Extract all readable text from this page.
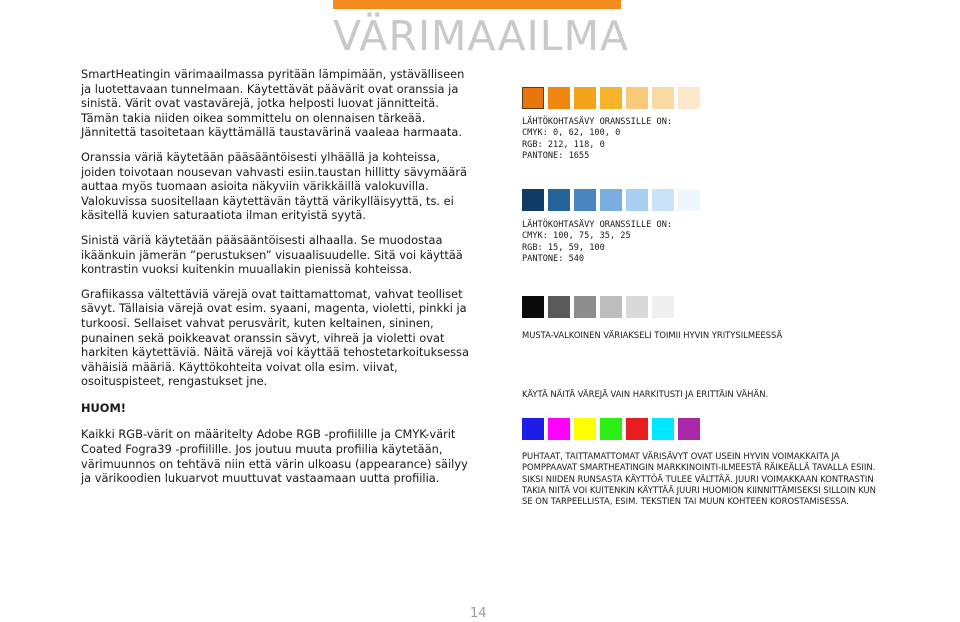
VÄRIMAAILMA

SmartHeatingin värimaailmassa pyritään lämpimään, ystävälliseen ja luotettavaan tunnelmaan. Käytettävät päävärit ovat oranssia ja sinistä. Värit ovat vastavärejä, jotka helposti luovat jännitteitä. Tämän takia niiden oikea sommittelu on olennaisen tärkeää. Jännitettä tasoitetaan käyttämällä taustavärinä vaaleaa harmaata.

Oranssia väriä käytetään pääsääntöisesti ylhäällä ja kohteissa, joiden toivotaan nousevan vahvasti esiin.taustan hillitty sävymäärä auttaa myös tuomaan asioita näkyviin värikkäillä valokuvilla. Valokuvissa suositellaan käytettävän täyttä värikylläisyyttä, ts. ei käsitellä kuvien saturaatiota ilman erityistä syytä.

Sinistä väriä käytetään pääsääntöisesti alhaalla. Se muodostaa ikäänkuin jämerän ”perustuksen” visuaalisuudelle. Sitä voi käyttää kontrastin vuoksi kuitenkin muuallakin pienissä kohteissa.

Grafiikassa vältettäviä värejä ovat taittamattomat, vahvat teolliset sävyt. Tällaisia värejä ovat esim. syaani, magenta, violetti, pinkki ja turkoosi. Sellaiset vahvat perusvärit, kuten keltainen, sininen, punainen sekä poikkeavat oranssin sävyt, vihreä ja violetti ovat harkiten käytettäviä. Näitä värejä voi käyttää tehostetarkoituksessa vähäisiä määriä. Käyttökohteita voivat olla esim. viivat, osoituspisteet, rengastukset jne.

HUOM!

Kaikki RGB-värit on määritelty Adobe RGB -profiilille ja CMYK-värit Coated Fogra39 -profiilille. Jos joutuu muuta profiilia käytetään, värimuunnos on tehtävä niin että värin ulkoasu (appearance) säilyy ja värikoodien lukuarvot muuttuvat vastaamaan uutta profiilia.

LÄHTÖKOHTASÄVY ORANSSILLE ON:
CMYK: 0, 62, 100, 0
RGB: 212, 118, 0
PANTONE: 1655
LÄHTÖKOHTASÄVY ORANSSILLE ON:
CMYK: 100, 75, 35, 25
RGB: 15, 59, 100
PANTONE: 540
MUSTA-VALKOINEN VÄRIAKSELI TOIMII HYVIN YRITYSILMEESSÄ
KÄYTÄ NÄITÄ VÄREJÄ VAIN HARKITUSTI JA ERITTÄIN VÄHÄN.
PUHTAAT, TAITTAMATTOMAT VÄRISÄVYT OVAT USEIN HYVIN VOIMAKKAITA JA POMPPAAVAT SMARTHEATINGIN MARKKINOINTI-ILMEESTÄ RÄIKEÄLLÄ TAVALLA ESIIN. SIKSI NIIDEN RUNSASTA KÄYTTÖÄ TULEE VÄLTTÄÄ. JUURI VOIMAKKAAN KONTRASTIN TAKIA NIITÄ VOI KUITENKIN KÄYTTÄÄ JUURI HUOMION KIINNITTÄMISEKSI SILLOIN KUN SE ON TARPEELLISTA, ESIM. TEKSTIEN TAI MUUN KOHTEEN KOROSTAMISESSA.
14
